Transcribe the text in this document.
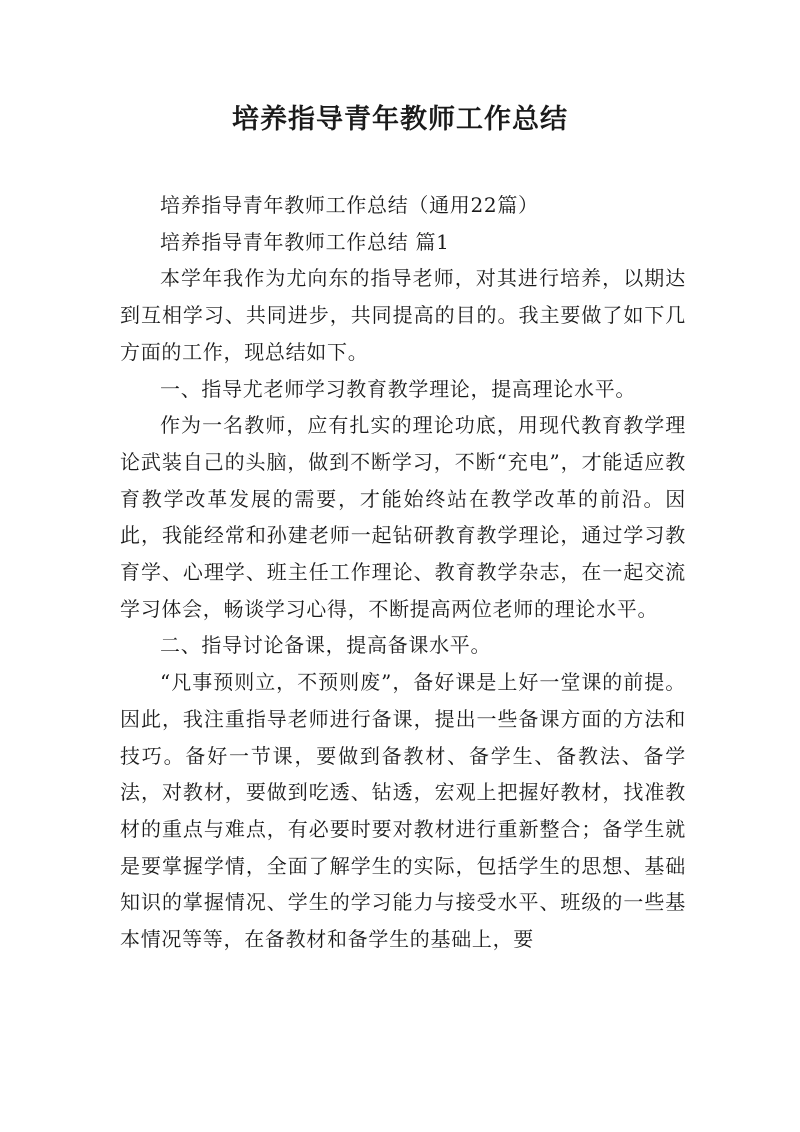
培养指导青年教师工作总结

培养指导青年教师工作总结（通用22篇）

培养指导青年教师工作总结 篇1

本学年我作为尤向东的指导老师，对其进行培养，以期达到互相学习、共同进步，共同提高的目的。我主要做了如下几方面的工作，现总结如下。

一、指导尤老师学习教育教学理论，提高理论水平。

作为一名教师，应有扎实的理论功底，用现代教育教学理论武装自己的头脑，做到不断学习，不断“充电”，才能适应教育教学改革发展的需要，才能始终站在教学改革的前沿。因此，我能经常和孙建老师一起钻研教育教学理论，通过学习教育学、心理学、班主任工作理论、教育教学杂志，在一起交流学习体会，畅谈学习心得，不断提高两位老师的理论水平。

二、指导讨论备课，提高备课水平。

“凡事预则立，不预则废”，备好课是上好一堂课的前提。因此，我注重指导老师进行备课，提出一些备课方面的方法和技巧。备好一节课，要做到备教材、备学生、备教法、备学法，对教材，要做到吃透、钻透，宏观上把握好教材，找准教材的重点与难点，有必要时要对教材进行重新整合；备学生就是要掌握学情，全面了解学生的实际，包括学生的思想、基础知识的掌握情况、学生的学习能力与接受水平、班级的一些基本情况等等，在备教材和备学生的基础上，要
